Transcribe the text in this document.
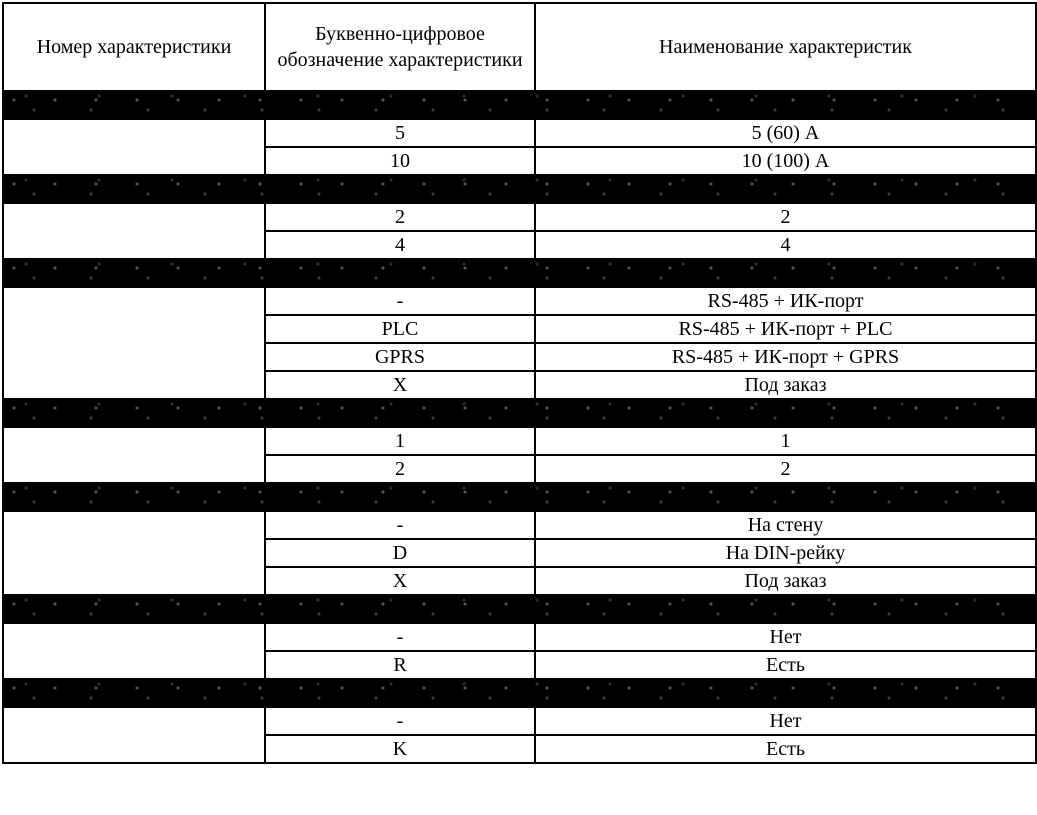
Номер характеристики	Буквенно-цифровое обозначение характеристики	Наименование характеристик

	5	5 (60) А
	10	10 (100) А

	2	2
	4	4

	-	RS-485 + ИК-порт
	PLC	RS-485 + ИК-порт + PLC
	GPRS	RS-485 + ИК-порт + GPRS
	X	Под заказ

	1	1
	2	2

	-	На стену
	D	На DIN-рейку
	X	Под заказ

	-	Нет
	R	Есть

	-	Нет
	K	Есть
